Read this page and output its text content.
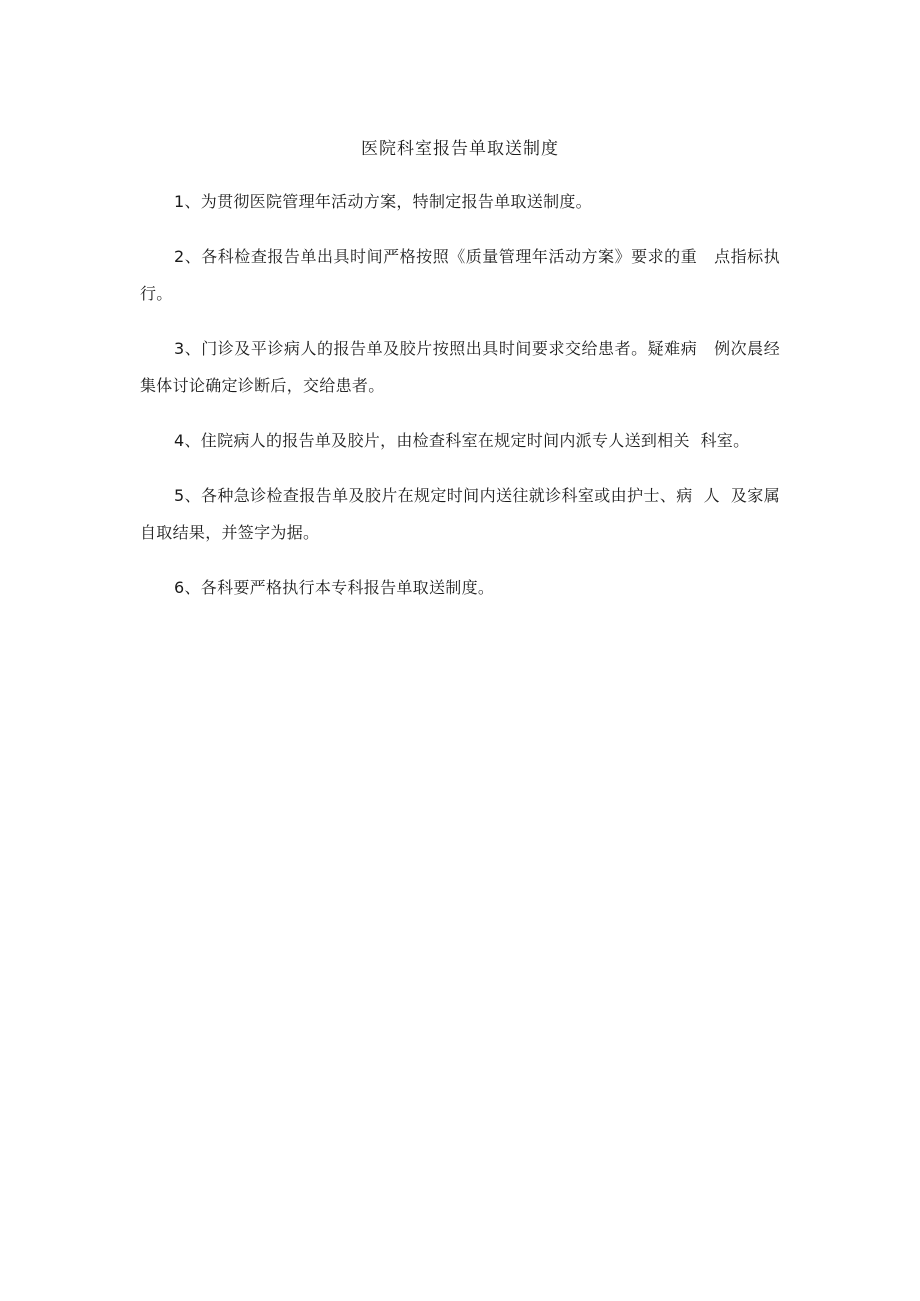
医院科室报告单取送制度
1、为贯彻医院管理年活动方案，特制定报告单取送制度。
2、各科检查报告单出具时间严格按照《质量管理年活动方案》要求的重   点指标执行。
3、门诊及平诊病人的报告单及胶片按照出具时间要求交给患者。疑难病   例次晨经集体讨论确定诊断后，交给患者。
4、住院病人的报告单及胶片，由检查科室在规定时间内派专人送到相关  科室。
5、各种急诊检查报告单及胶片在规定时间内送往就诊科室或由护士、病  人  及家属自取结果，并签字为据。
6、各科要严格执行本专科报告单取送制度。
